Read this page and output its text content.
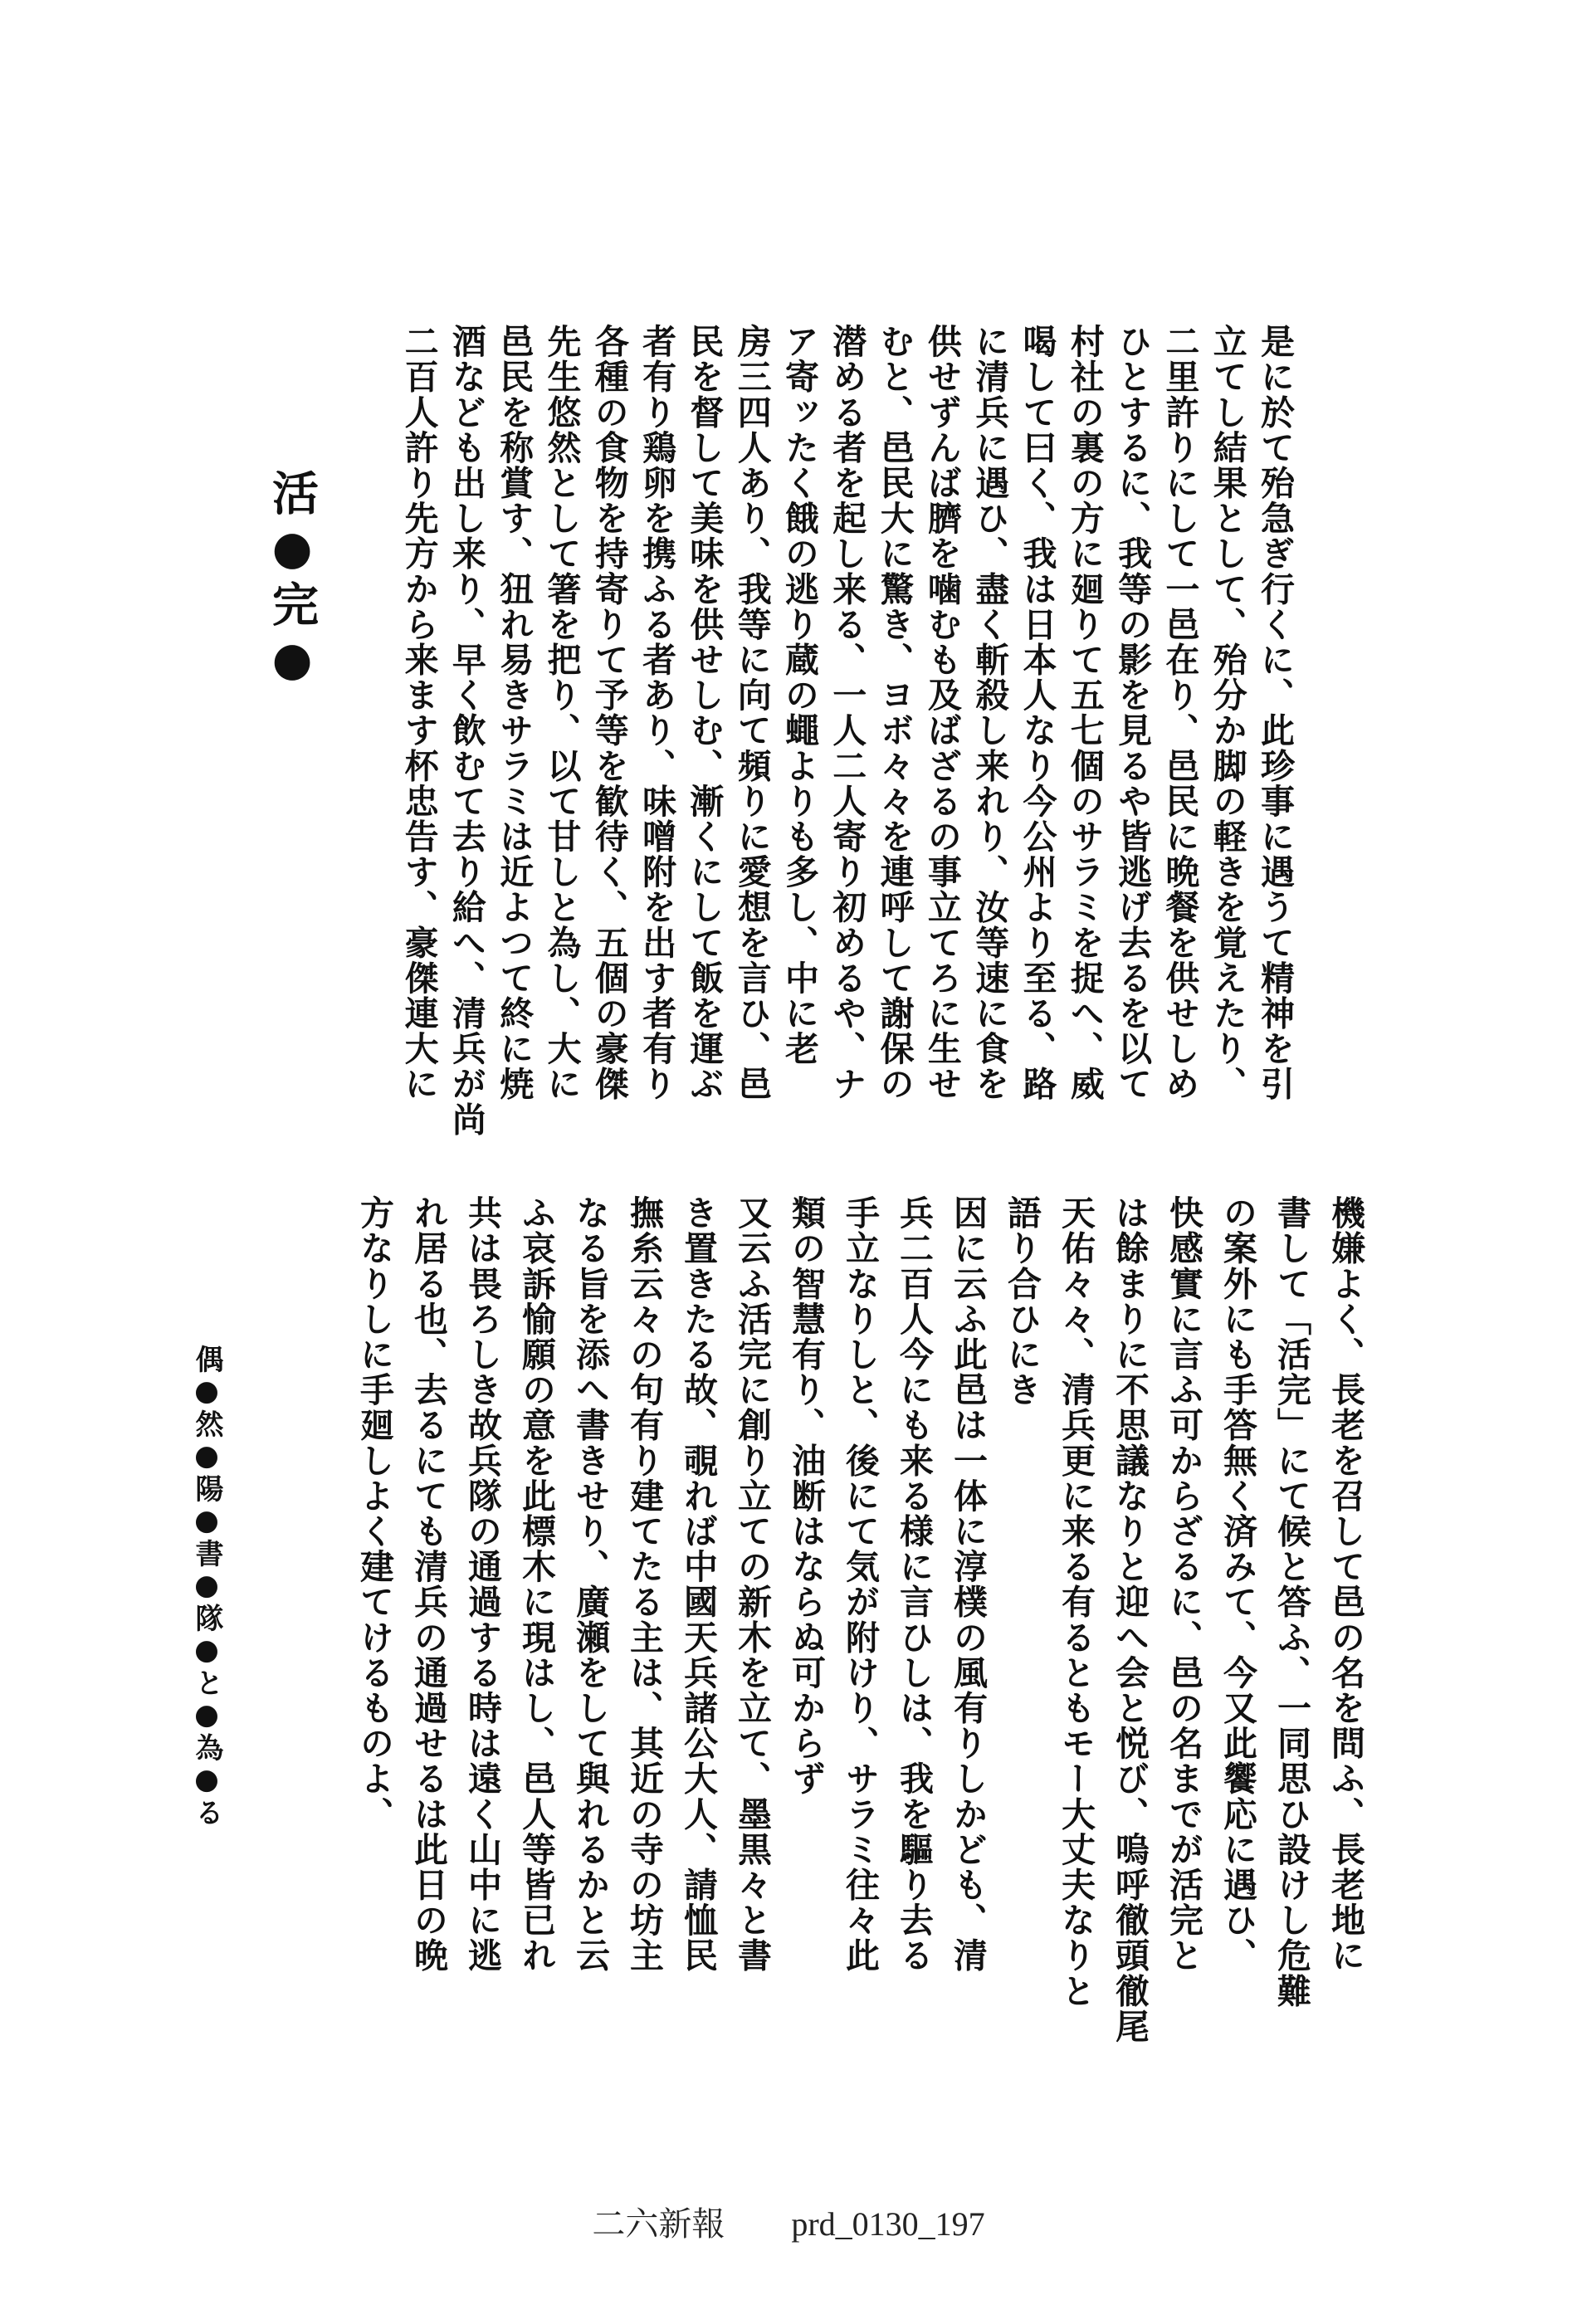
活●完●	是に於て殆急ぎ行くに、此珍事に遇うて精神を引
立てし結果として、殆分か脚の軽きを覚えたり、
二里許りにして一邑在り、邑民に晩餐を供せしめ
ひとするに、我等の影を見るや皆逃げ去るを以て
村社の裏の方に廻りて五七個のサラミを捉へ、威
喝して曰く、我は日本人なり今公州より至る、路
に清兵に遇ひ、盡く斬殺し来れり、汝等速に食を
供せずんば臍を噛むも及ばざるの事立てろに生せ
むと、邑民大に驚き、ヨボ々々を連呼して謝保の
潜める者を起し来る、一人二人寄り初めるや、ナ
ア寄ッたく餓の逃り蔵の蠅よりも多し、中に老
房三四人あり、我等に向て頻りに愛想を言ひ、邑
民を督して美味を供せしむ、漸くにして飯を運ぶ
者有り鶏卵を携ふる者あり、味噌附を出す者有り
各種の食物を持寄りて予等を歓待く、五個の豪傑
先生悠然として箸を把り、以て甘しと為し、大に
邑民を称賞す、狃れ易きサラミは近よつて終に焼
酒なども出し来り、早く飲むて去り給へ、清兵が尚
二百人許り先方から来ます杯忠告す、豪傑連大に
機嫌よく、長老を召して邑の名を問ふ、長老地に
書して「活完」にて候と答ふ、一同思ひ設けし危難
の案外にも手答無く済みて、今又此饗応に遇ひ、
快感實に言ふ可からざるに、邑の名までが活完と
は餘まりに不思議なりと迎へ会と悦び、嗚呼徹頭徹尾
天佑々々、清兵更に来る有るともモー大丈夫なりと
語り合ひにき
因に云ふ此邑は一体に淳樸の風有りしかども、清
兵二百人今にも来る様に言ひしは、我を驅り去る
手立なりしと、後にて気が附けり、サラミ往々此
類の智慧有り、油断はならぬ可からず
又云ふ活完に創り立ての新木を立て、墨黒々と書
き置きたる故、覗れば中國天兵諸公大人、請恤民
撫糸云々の句有り建てたる主は、其近の寺の坊主
なる旨を添へ書きせり、廣瀬をして與れるかと云
ふ哀訴愉願の意を此標木に現はし、邑人等皆已れ
共は畏ろしき故兵隊の通過する時は遠く山中に逃
れ居る也、去るにても清兵の通過せるは此日の晩
方なりしに手廻しよく建てけるものよ、
偶●然●陽●書●隊●と●為●る
二六新報 prd_0130_197
